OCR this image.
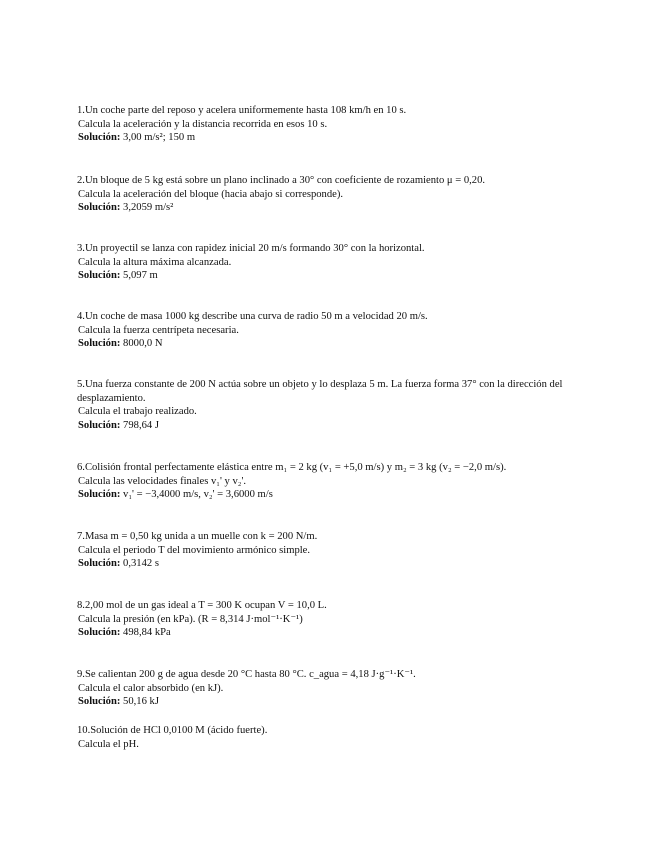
1.Un coche parte del reposo y acelera uniformemente hasta 108 km/h en 10 s.
Calcula la aceleración y la distancia recorrida en esos 10 s.
Solución: 3,00 m/s²; 150 m
2.Un bloque de 5 kg está sobre un plano inclinado a 30° con coeficiente de rozamiento μ = 0,20.
Calcula la aceleración del bloque (hacia abajo si corresponde).
Solución: 3,2059 m/s²
3.Un proyectil se lanza con rapidez inicial 20 m/s formando 30° con la horizontal.
Calcula la altura máxima alcanzada.
Solución: 5,097 m
4.Un coche de masa 1000 kg describe una curva de radio 50 m a velocidad 20 m/s.
Calcula la fuerza centrípeta necesaria.
Solución: 8000,0 N
5.Una fuerza constante de 200 N actúa sobre un objeto y lo desplaza 5 m. La fuerza forma 37° con la dirección del desplazamiento.
Calcula el trabajo realizado.
Solución: 798,64 J
6.Colisión frontal perfectamente elástica entre m₁ = 2 kg (v₁ = +5,0 m/s) y m₂ = 3 kg (v₂ = −2,0 m/s).
Calcula las velocidades finales v₁' y v₂'.
Solución: v₁' = −3,4000 m/s, v₂' = 3,6000 m/s
7.Masa m = 0,50 kg unida a un muelle con k = 200 N/m.
Calcula el periodo T del movimiento armónico simple.
Solución: 0,3142 s
8.2,00 mol de un gas ideal a T = 300 K ocupan V = 10,0 L.
Calcula la presión (en kPa). (R = 8,314 J·mol⁻¹·K⁻¹)
Solución: 498,84 kPa
9.Se calientan 200 g de agua desde 20 °C hasta 80 °C. c_agua = 4,18 J·g⁻¹·K⁻¹.
Calcula el calor absorbido (en kJ).
Solución: 50,16 kJ
10.Solución de HCl 0,0100 M (ácido fuerte).
Calcula el pH.
